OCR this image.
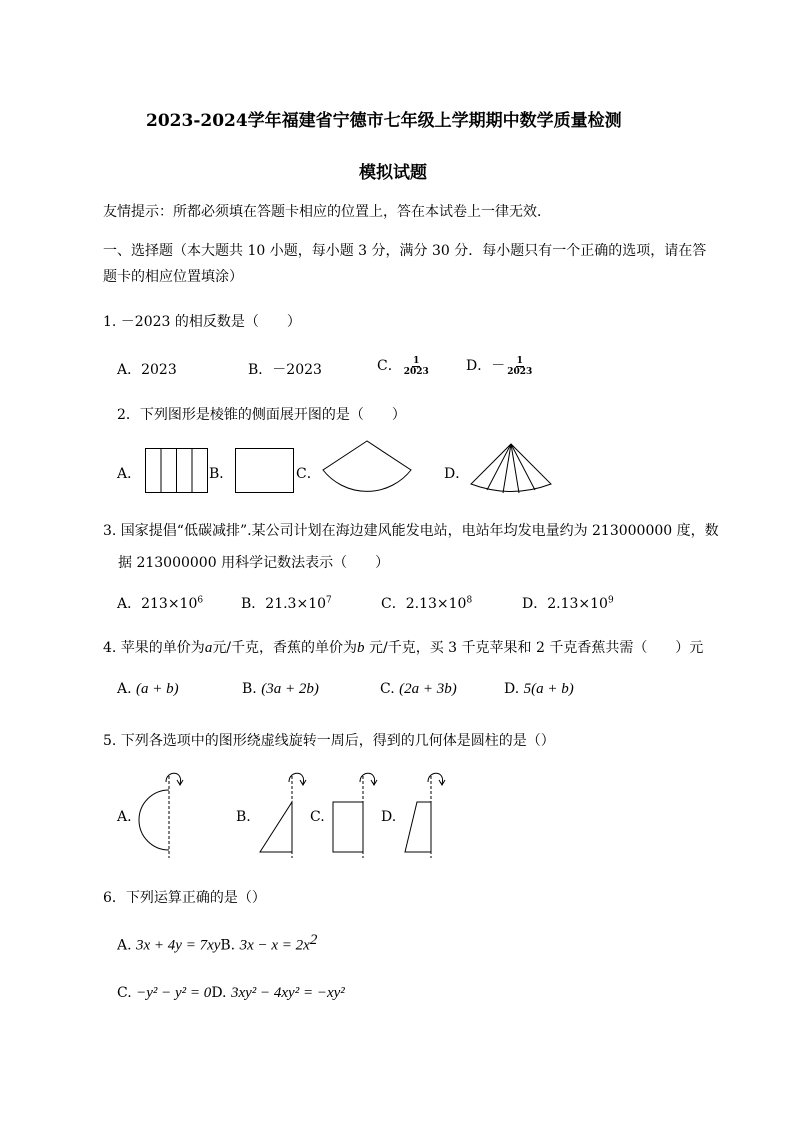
2023-2024学年福建省宁德市七年级上学期期中数学质量检测
模拟试题
友情提示：所都必须填在答题卡相应的位置上，答在本试卷上一律无效．
一、选择题（本大题共 10 小题，每小题 3 分，满分 30 分．每小题只有一个正确的选项，请在答
题卡的相应位置填涂）
1. －2023 的相反数是（　　）
A．2023	B．－2023	C． $\frac{1}{2023}$	D．－ $\frac{1}{2023}$
2．下列图形是棱锥的侧面展开图的是（　　）
A．	B．	C．	D．
3. 国家提倡“低碳减排”.某公司计划在海边建风能发电站，电站年均发电量约为 213000000 度，数
据 213000000 用科学记数法表示（　　）
A．$213\times 10^6$	B．$21.3\times 10^7$	C．$2.13\times 10^8$	D．$2.13\times 10^9$
4. 苹果的单价为a元/千克，香蕉的单价为b 元/千克，买 3 千克苹果和 2 千克香蕉共需（　　）元
A. (a + b)	B. (3a + 2b)	C. (2a + 3b)	D. 5(a + b)
5. 下列各选项中的图形绕虚线旋转一周后，得到的几何体是圆柱的是（）
A.	B.	C.	D.
6．下列运算正确的是（）
A. 3x + 4y = 7xyB. $3x - x = 2x^2$
C. −y² − y² = 0D. 3xy² − 4xy² = −xy²
